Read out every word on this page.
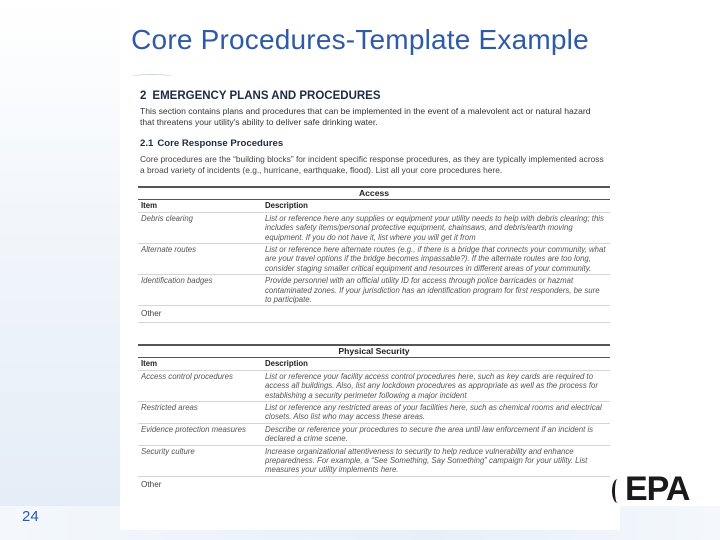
Core Procedures-Template Example
2 EMERGENCY PLANS AND PROCEDURES
This section contains plans and procedures that can be implemented in the event of a malevolent act or natural hazard that threatens your utility's ability to deliver safe drinking water.
2.1 Core Response Procedures
Core procedures are the “building blocks” for incident specific response procedures, as they are typically implemented across a broad variety of incidents (e.g., hurricane, earthquake, flood). List all your core procedures here.
Access	
Item	Description
Debris clearing	List or reference here any supplies or equipment your utility needs to help with debris clearing; this includes safety items/personal protective equipment, chainsaws, and debris/earth moving equipment. If you do not have it, list where you will get it from
Alternate routes	List or reference here alternate routes (e.g., if there is a bridge that connects your community, what are your travel options if the bridge becomes impassable?). If the alternate routes are too long, consider staging smaller critical equipment and resources in different areas of your community.
Identification badges	Provide personnel with an official utility ID for access through police barricades or hazmat contaminated zones. If your jurisdiction has an identification program for first responders, be sure to participate.
Other	

Physical Security	
Item	Description
Access control procedures	List or reference your facility access control procedures here, such as key cards are required to access all buildings. Also, list any lockdown procedures as appropriate as well as the process for establishing a security perimeter following a major incident
Restricted areas	List or reference any restricted areas of your facilities here, such as chemical rooms and electrical closets. Also list who may access these areas.
Evidence protection measures	Describe or reference your procedures to secure the area until law enforcement if an incident is declared a crime scene.
Security culture	Increase organizational attentiveness to security to help reduce vulnerability and enhance preparedness. For example, a “See Something, Say Something” campaign for your utility. List measures your utility implements here.
Other	
24
EPA
